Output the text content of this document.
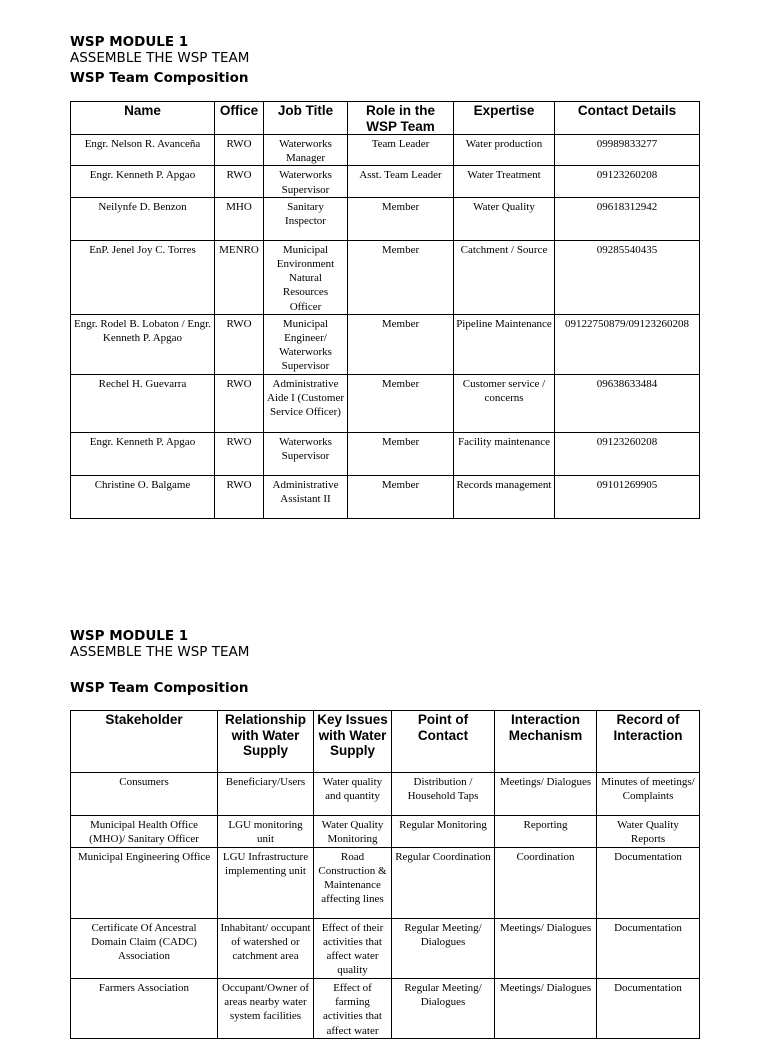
WSP MODULE 1
ASSEMBLE THE WSP TEAM
WSP Team Composition
Name	Office	Job Title	Role in the WSP Team	Expertise	Contact Details
Engr. Nelson R. Avanceña	RWO	Waterworks Manager	Team Leader	Water production	09989833277
Engr. Kenneth P. Apgao	RWO	Waterworks Supervisor	Asst. Team Leader	Water Treatment	09123260208
Neilynfe D. Benzon	MHO	Sanitary Inspector	Member	Water Quality	09618312942
EnP. Jenel Joy C. Torres	MENRO	Municipal Environment Natural Resources Officer	Member	Catchment / Source	09285540435
Engr. Rodel B. Lobaton / Engr. Kenneth P. Apgao	RWO	Municipal Engineer/ Waterworks Supervisor	Member	Pipeline Maintenance	09122750879/09123260208
Rechel H. Guevarra	RWO	Administrative Aide I (Customer Service Officer)	Member	Customer service / concerns	09638633484
Engr. Kenneth P. Apgao	RWO	Waterworks Supervisor	Member	Facility maintenance	09123260208
Christine O. Balgame	RWO	Administrative Assistant II	Member	Records management	09101269905
WSP MODULE 1
ASSEMBLE THE WSP TEAM
WSP Team Composition
Stakeholder	Relationship with Water Supply	Key Issues with Water Supply	Point of Contact	Interaction Mechanism	Record of Interaction
Consumers	Beneficiary/Users	Water quality and quantity	Distribution / Household Taps	Meetings/ Dialogues	Minutes of meetings/ Complaints
Municipal Health Office (MHO)/ Sanitary Officer	LGU monitoring unit	Water Quality Monitoring	Regular Monitoring	Reporting	Water Quality Reports
Municipal Engineering Office	LGU Infrastructure implementing unit	Road Construction & Maintenance affecting lines	Regular Coordination	Coordination	Documentation
Certificate Of Ancestral Domain Claim (CADC) Association	Inhabitant/ occupant of watershed or catchment area	Effect of their activities that affect water quality	Regular Meeting/ Dialogues	Meetings/ Dialogues	Documentation
Farmers Association	Occupant/Owner of areas nearby water system facilities	Effect of farming activities that affect water	Regular Meeting/ Dialogues	Meetings/ Dialogues	Documentation
